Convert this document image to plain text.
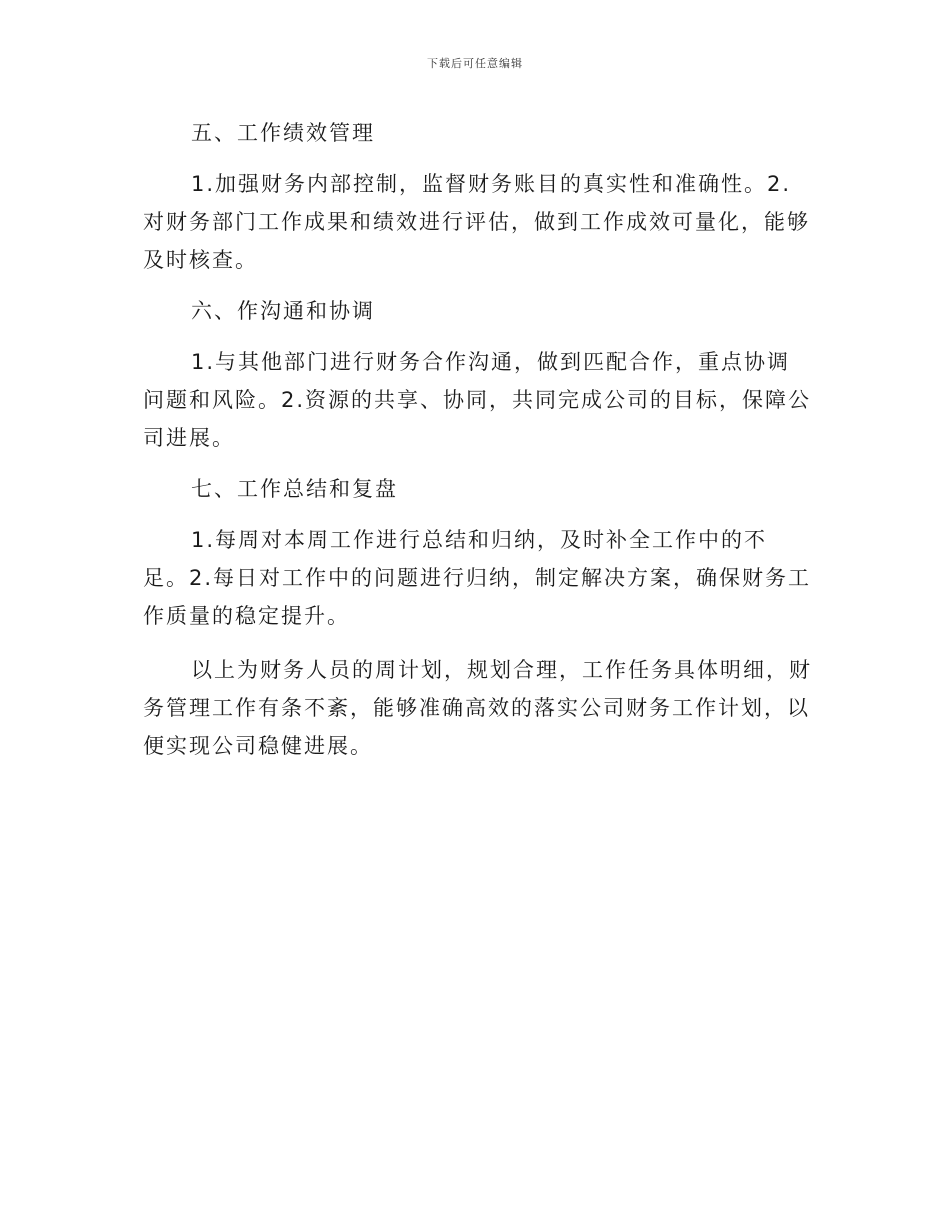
下载后可任意编辑
五、工作绩效管理

1.加强财务内部控制，监督财务账目的真实性和准确性。2.对财务部门工作成果和绩效进行评估，做到工作成效可量化，能够及时核查。

六、作沟通和协调

1.与其他部门进行财务合作沟通，做到匹配合作，重点协调问题和风险。2.资源的共享、协同，共同完成公司的目标，保障公司进展。

七、工作总结和复盘

1.每周对本周工作进行总结和归纳，及时补全工作中的不足。2.每日对工作中的问题进行归纳，制定解决方案，确保财务工作质量的稳定提升。

以上为财务人员的周计划，规划合理，工作任务具体明细，财务管理工作有条不紊，能够准确高效的落实公司财务工作计划，以便实现公司稳健进展。
